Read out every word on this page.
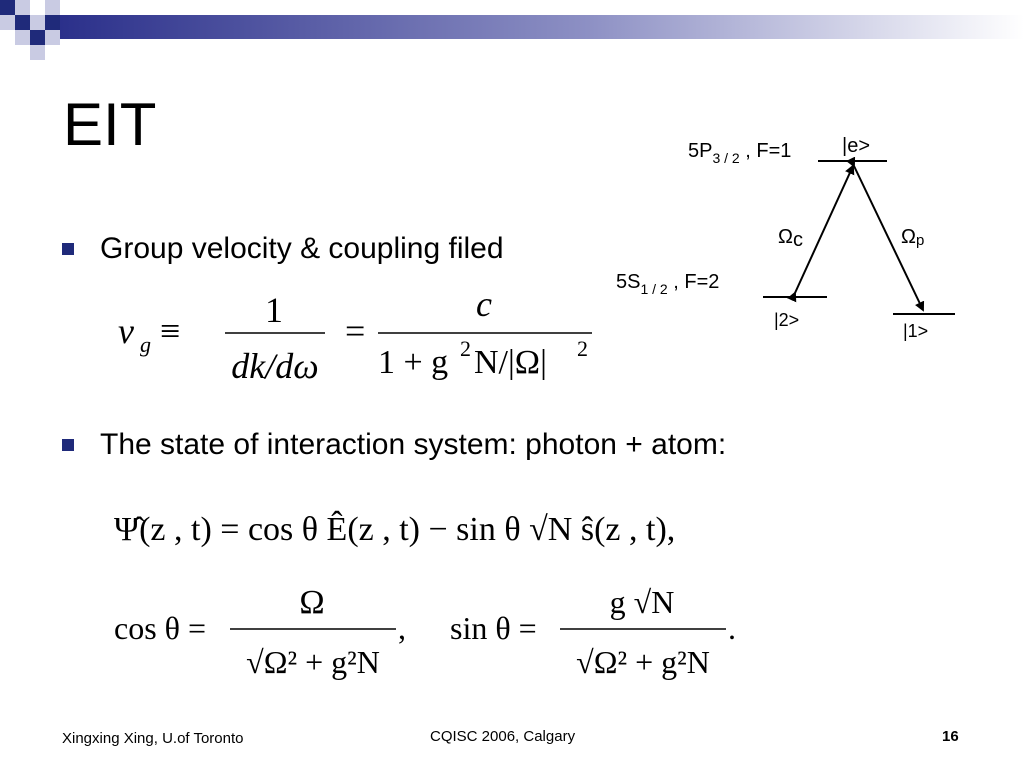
EIT
Group velocity & coupling filed
v g ≡
1
dk/dω
=
c
1 + g 2 N/|Ω| 2
$5P_{3 / 2}$ , F=1	|e>
$5S_{1 / 2}$ , F=2
|2>
|1>
Ωc	Ωp
The state of interaction system: photon + atom:
Ψ̂(z , t) = cos θ Ê(z , t) − sin θ √N ŝ(z , t),
cos θ =
Ω
√Ω² + g²N
, sin θ =
g √N
√Ω² + g²N
.
Xingxing Xing, U.of Toronto	CQISC 2006, Calgary	16
